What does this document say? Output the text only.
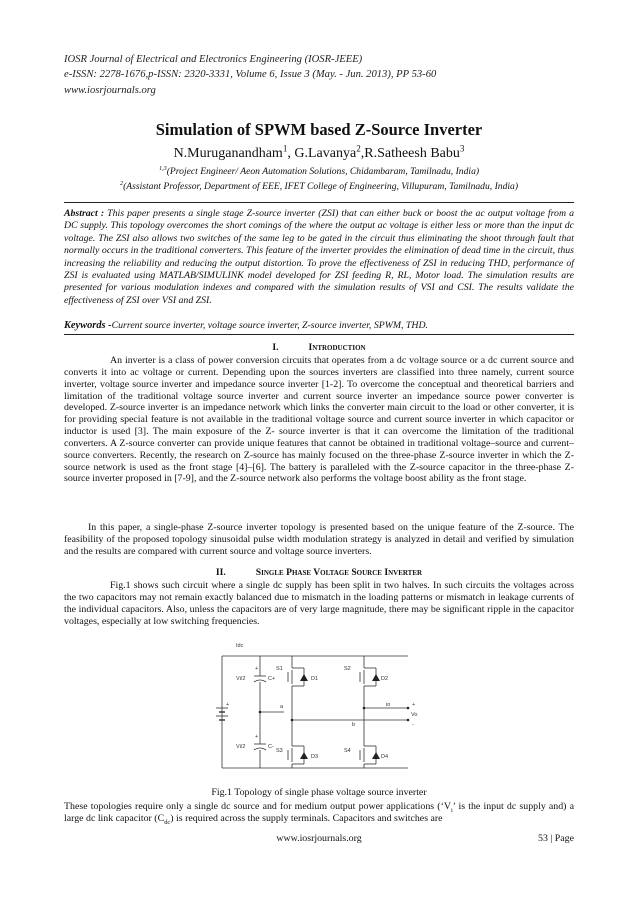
IOSR Journal of Electrical and Electronics Engineering (IOSR-JEEE)
e-ISSN: 2278-1676,p-ISSN: 2320-3331, Volume 6, Issue 3 (May. - Jun. 2013), PP 53-60
www.iosrjournals.org
Simulation of SPWM based Z-Source Inverter
N.Muruganandham$^1$, G.Lavanya$^2$,R.Satheesh Babu$^3$
$^{1,3}$(Project Engineer/ Aeon Automation Solutions, Chidambaram, Tamilnadu, India)
$^2$(Assistant Professor, Department of EEE, IFET College of Engineering, Villupuram, Tamilnadu, India)
Abstract : This paper presents a single stage Z-source inverter (ZSI) that can either buck or boost the ac output voltage from a DC supply. This topology overcomes the short comings of the where the output ac voltage is either less or more than the input dc voltage. The ZSI also allows two switches of the same leg to be gated in the circuit thus eliminating the shoot through fault that normally occurs in the traditional converters. This feature of the inverter provides the elimination of dead time in the circuit, thus increasing the reliability and reducing the output distortion. To prove the effectiveness of ZSI in reducing THD, performance of ZSI is evaluated using MATLAB/SIMULINK model developed for ZSI feeding R, RL, Motor load. The simulation results are presented for various modulation indexes and compared with the simulation results of VSI and CSI. The results validate the effectiveness of ZSI over VSI and ZSI.
Keywords -Current source inverter, voltage source inverter, Z-source inverter, SPWM, THD.
I.	Introduction
An inverter is a class of power conversion circuits that operates from a dc voltage source or a dc current source and converts it into ac voltage or current. Depending upon the sources inverters are classified into three namely, current source inverter, voltage source inverter and impedance source inverter [1-2]. To overcome the conceptual and theoretical barriers and limitation of the traditional voltage source inverter and current source inverter an impedance source power converter is developed. Z-source inverter is an impedance network which links the converter main circuit to the load or other converter, it is for providing special feature is not available in the traditional voltage source and current source inverter in which capacitor or inductor is used [3]. The main exposure of the Z- source inverter is that it can overcome the limitation of the traditional converters. A Z-source converter can provide unique features that cannot be obtained in traditional voltage–source and current–source converters. Recently, the research on Z-source has mainly focused on the three-phase Z-source inverter in which the Z-source network is used as the front stage [4]–[6]. The battery is paralleled with the Z-source capacitor in the three-phase Z-source inverter proposed in [7-9], and the Z-source network also performs the voltage boost ability as the front stage.
In this paper, a single-phase Z-source inverter topology is presented based on the unique feature of the Z-source. The feasibility of the proposed topology sinusoidal pulse width modulation strategy is analyzed in detail and verified by simulation and the results are compared with current source and voltage source inverters.
II.	Single Phase Voltage Source Inverter
Fig.1 shows such circuit where a single dc supply has been split in two halves. In such circuits the voltages across the two capacitors may not remain exactly balanced due to mismatch in the loading patterns or mismatch in leakage currents of the individual capacitors. Also, unless the capacitors are of very large magnitude, there may be significant ripple in the capacitor voltages, especially at low switching frequencies.
Idc
Vi/2
Vi/2
C+
C-
+
+
+
S1	S2
S3	S4
D1	D2
D3	D4
a
b
io
Vo
+
-
Fig.1 Topology of single phase voltage source inverter
These topologies require only a single dc source and for medium output power applications (‘$V_i$’ is the input dc supply and) a large dc link capacitor $(C_{dc})$ is required across the supply terminals. Capacitors and switches are
www.iosrjournals.org	53 | Page
